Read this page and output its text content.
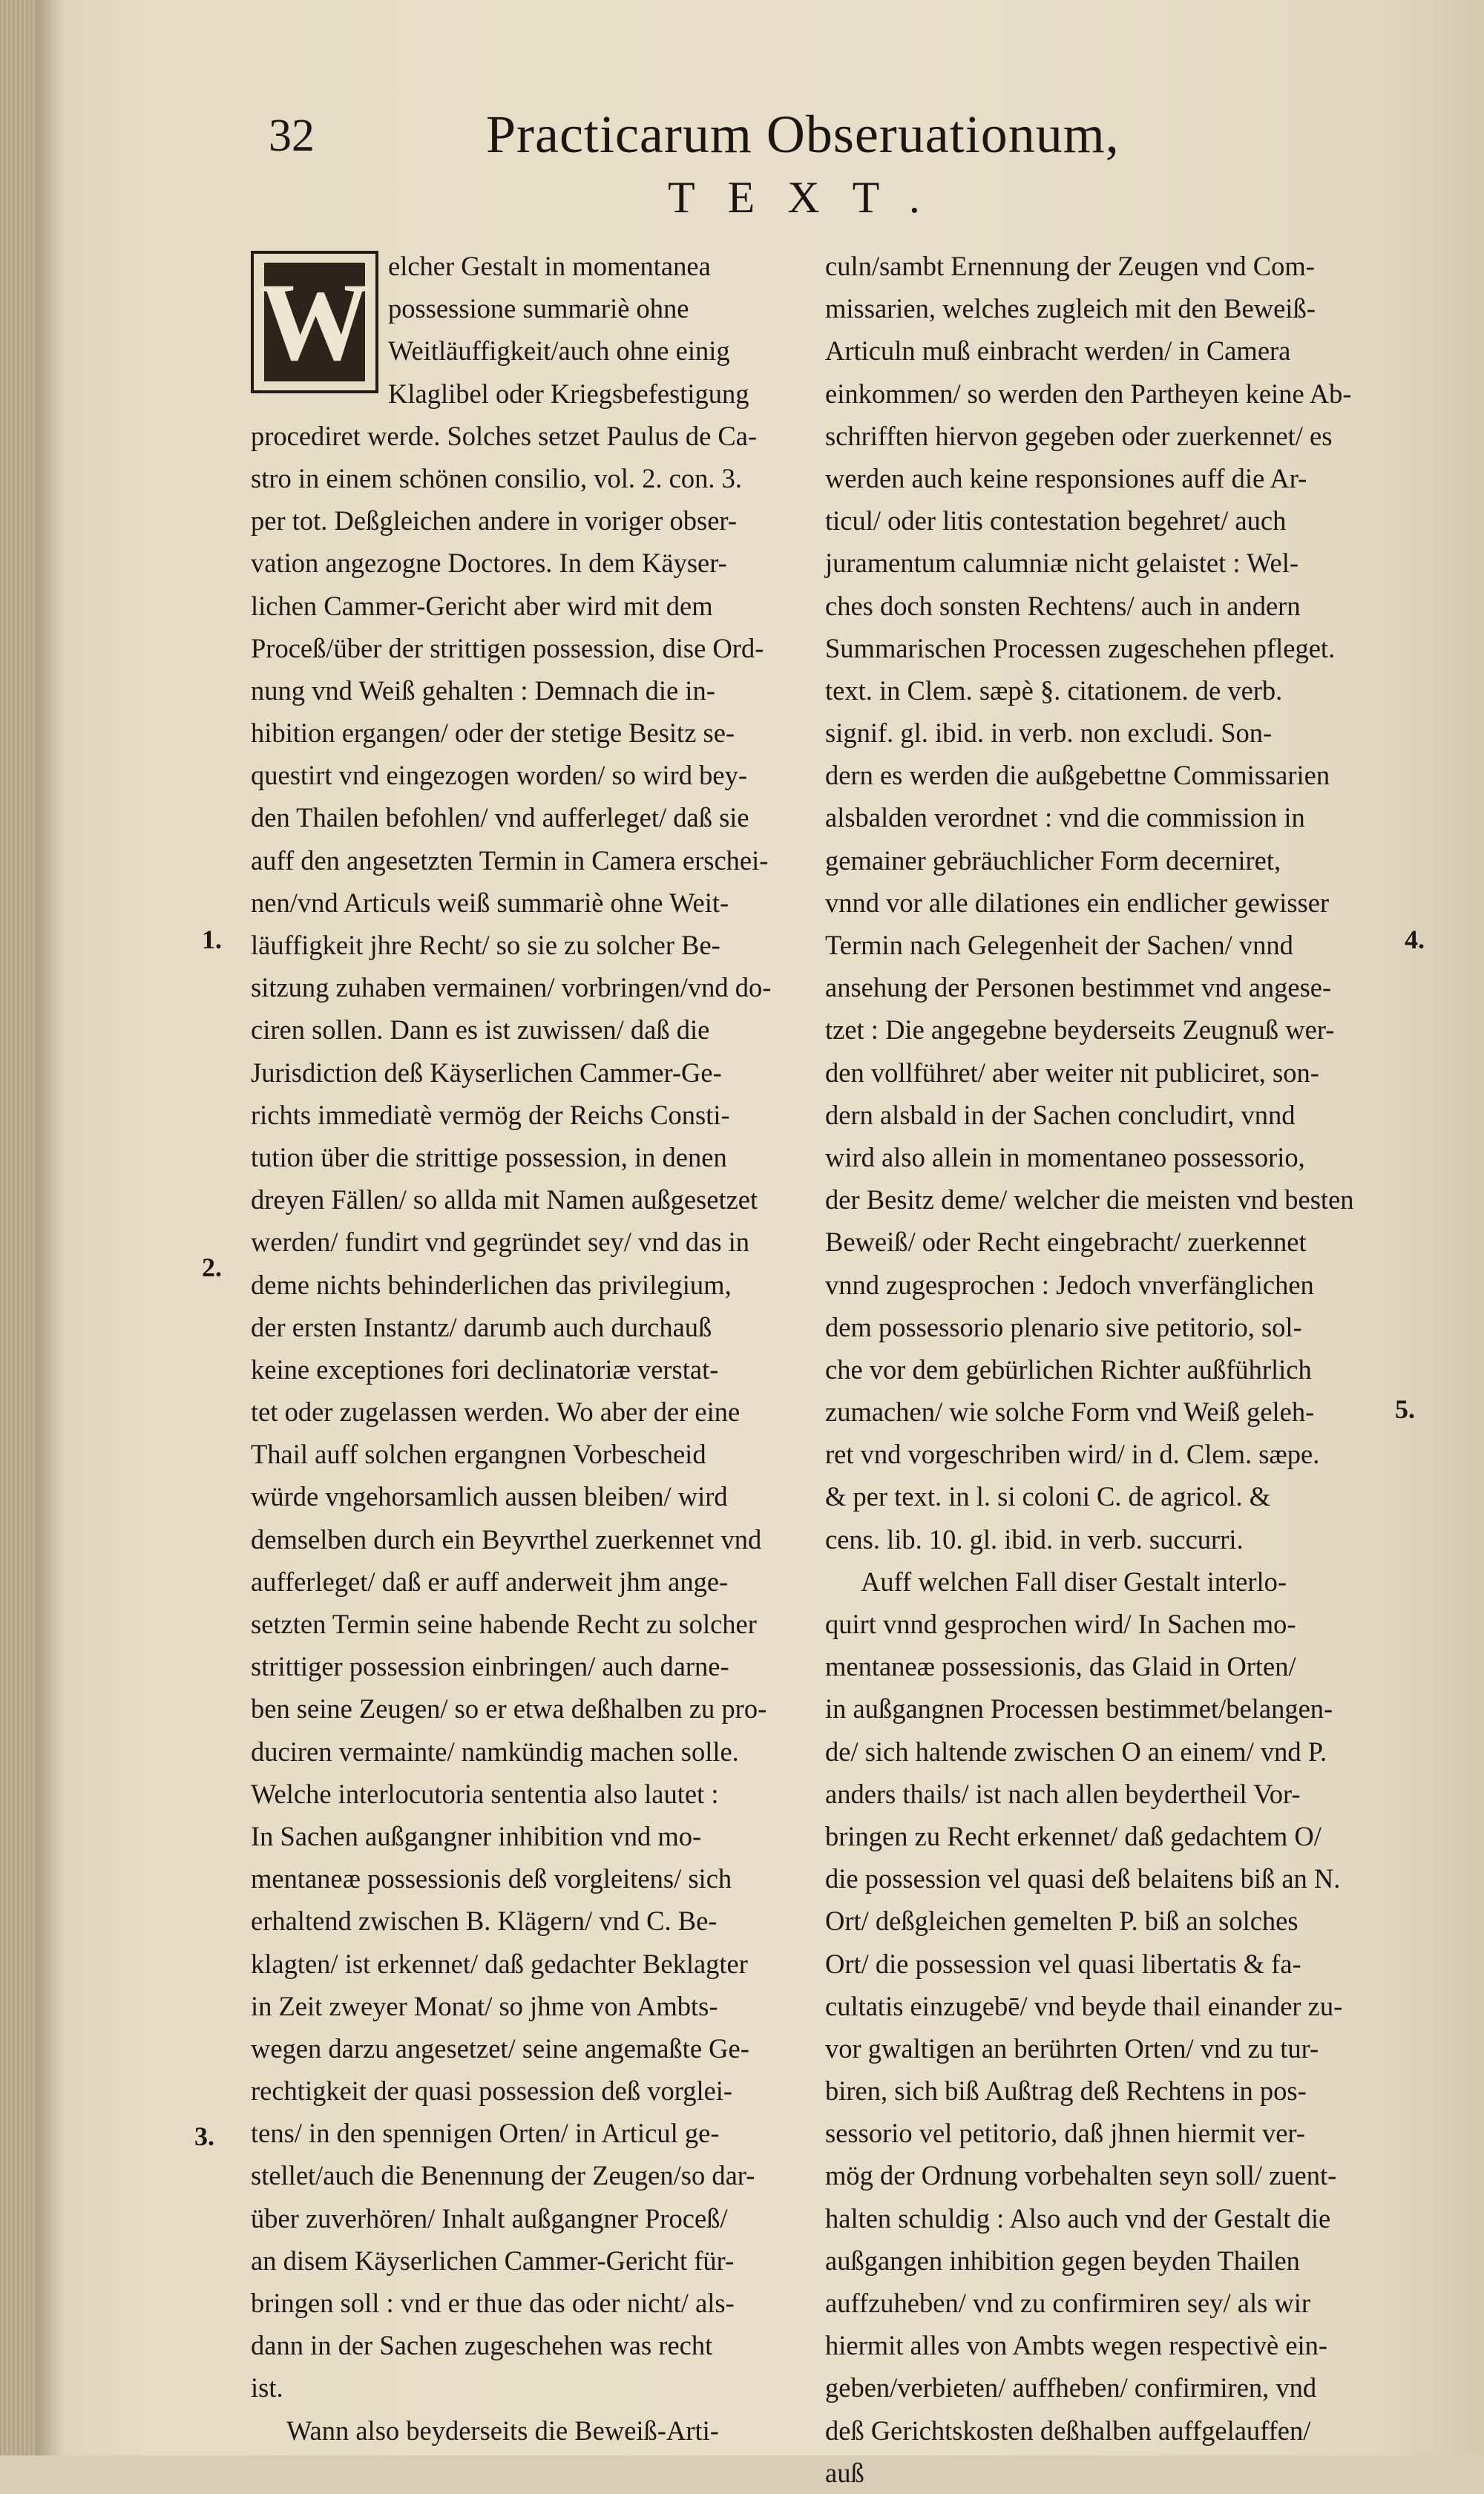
32	Practicarum Obseruationum,
TEXT.
W elcher Gestalt in momentanea
possessione summariè ohne
Weitläuffigkeit/auch ohne einig
Klaglibel oder Kriegsbefestigung
procediret werde. Solches setzet Paulus de Ca-
stro in einem schönen consilio, vol. 2. con. 3.
per tot. Deßgleichen andere in voriger obser-
vation angezogne Doctores. In dem Käyser-
lichen Cammer-Gericht aber wird mit dem
Proceß/über der strittigen possession, dise Ord-
nung vnd Weiß gehalten : Demnach die in-
hibition ergangen/ oder der stetige Besitz se-
questirt vnd eingezogen worden/ so wird bey-
den Thailen befohlen/ vnd aufferleget/ daß sie
auff den angesetzten Termin in Camera erschei-
nen/vnd Articuls weiß summariè ohne Weit-
läuffigkeit jhre Recht/ so sie zu solcher Be-
sitzung zuhaben vermainen/ vorbringen/vnd do-
ciren sollen. Dann es ist zuwissen/ daß die
Jurisdiction deß Käyserlichen Cammer-Ge-
richts immediatè vermög der Reichs Consti-
tution über die strittige possession, in denen
dreyen Fällen/ so allda mit Namen außgesetzet
werden/ fundirt vnd gegründet sey/ vnd das in
deme nichts behinderlichen das privilegium,
der ersten Instantz/ darumb auch durchauß
keine exceptiones fori declinatoriæ verstat-
tet oder zugelassen werden. Wo aber der eine
Thail auff solchen ergangnen Vorbescheid
würde vngehorsamlich aussen bleiben/ wird
demselben durch ein Beyvrthel zuerkennet vnd
aufferleget/ daß er auff anderweit jhm ange-
setzten Termin seine habende Recht zu solcher
strittiger possession einbringen/ auch darne-
ben seine Zeugen/ so er etwa deßhalben zu pro-
duciren vermainte/ namkündig machen solle.
Welche interlocutoria sententia also lautet :
In Sachen außgangner inhibition vnd mo-
mentaneæ possessionis deß vorgleitens/ sich
erhaltend zwischen B. Klägern/ vnd C. Be-
klagten/ ist erkennet/ daß gedachter Beklagter
in Zeit zweyer Monat/ so jhme von Ambts-
wegen darzu angesetzet/ seine angemaßte Ge-
rechtigkeit der quasi possession deß vorglei-
tens/ in den spennigen Orten/ in Articul ge-
stellet/auch die Benennung der Zeugen/so dar-
über zuverhören/ Inhalt außgangner Proceß/
an disem Käyserlichen Cammer-Gericht für-
bringen soll : vnd er thue das oder nicht/ als-
dann in der Sachen zugeschehen was recht
ist.
Wann also beyderseits die Beweiß-Arti-
culn/sambt Ernennung der Zeugen vnd Com-
missarien, welches zugleich mit den Beweiß-
Articuln muß einbracht werden/ in Camera
einkommen/ so werden den Partheyen keine Ab-
schrifften hiervon gegeben oder zuerkennet/ es
werden auch keine responsiones auff die Ar-
ticul/ oder litis contestation begehret/ auch
juramentum calumniæ nicht gelaistet : Wel-
ches doch sonsten Rechtens/ auch in andern
Summarischen Processen zugeschehen pfleget.
text. in Clem. sæpè §. citationem. de verb.
signif. gl. ibid. in verb. non excludi. Son-
dern es werden die außgebettne Commissarien
alsbalden verordnet : vnd die commission in
gemainer gebräuchlicher Form decerniret,
vnnd vor alle dilationes ein endlicher gewisser
Termin nach Gelegenheit der Sachen/ vnnd
ansehung der Personen bestimmet vnd angese-
tzet : Die angegebne beyderseits Zeugnuß wer-
den vollführet/ aber weiter nit publiciret, son-
dern alsbald in der Sachen concludirt, vnnd
wird also allein in momentaneo possessorio,
der Besitz deme/ welcher die meisten vnd besten
Beweiß/ oder Recht eingebracht/ zuerkennet
vnnd zugesprochen : Jedoch vnverfänglichen
dem possessorio plenario sive petitorio, sol-
che vor dem gebürlichen Richter außführlich
zumachen/ wie solche Form vnd Weiß geleh-
ret vnd vorgeschriben wird/ in d. Clem. sæpe.
& per text. in l. si coloni C. de agricol. &
cens. lib. 10. gl. ibid. in verb. succurri.
Auff welchen Fall diser Gestalt interlo-
quirt vnnd gesprochen wird/ In Sachen mo-
mentaneæ possessionis, das Glaid in Orten/
in außgangnen Processen bestimmet/belangen-
de/ sich haltende zwischen O an einem/ vnd P.
anders thails/ ist nach allen beydertheil Vor-
bringen zu Recht erkennet/ daß gedachtem O/
die possession vel quasi deß belaitens biß an N.
Ort/ deßgleichen gemelten P. biß an solches
Ort/ die possession vel quasi libertatis & fa-
cultatis einzugebē/ vnd beyde thail einander zu-
vor gwaltigen an berührten Orten/ vnd zu tur-
biren, sich biß Außtrag deß Rechtens in pos-
sessorio vel petitorio, daß jhnen hiermit ver-
mög der Ordnung vorbehalten seyn soll/ zuent-
halten schuldig : Also auch vnd der Gestalt die
außgangen inhibition gegen beyden Thailen
auffzuheben/ vnd zu confirmiren sey/ als wir
hiermit alles von Ambts wegen respectivè ein-
geben/verbieten/ auffheben/ confirmiren, vnd
deß Gerichtskosten deßhalben auffgelauffen/
auß
1.
2.
3.
4.
5.
